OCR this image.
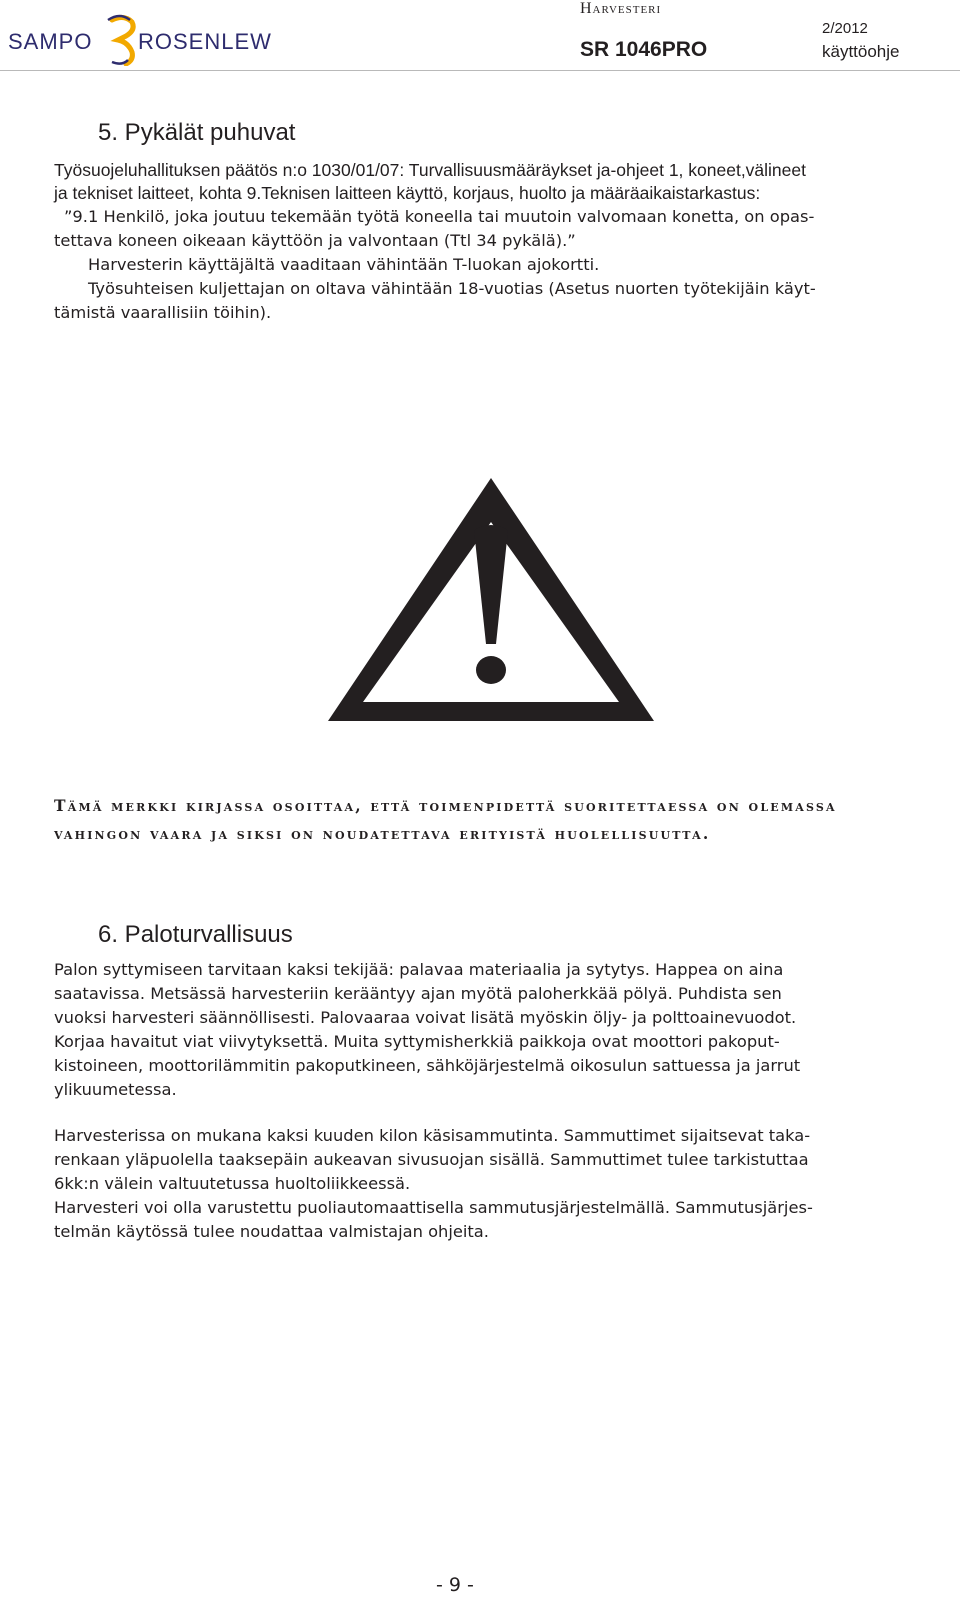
SAMPO ROSENLEW
Harvesteri
SR 1046PRO
2/2012
käyttöohje
5. Pykälät puhuvat
Työsuojeluhallituksen päätös n:o 1030/01/07: Turvallisuusmääräykset ja-ohjeet 1, koneet,välineet
ja tekniset laitteet, kohta 9.Teknisen laitteen käyttö, korjaus, huolto ja määräaikaistarkastus:
”9.1 Henkilö, joka joutuu tekemään työtä koneella tai muutoin valvomaan konetta, on opas-
tettava koneen oikeaan käyttöön ja valvontaan (Ttl 34 pykälä).”
Harvesterin käyttäjältä vaaditaan vähintään T-luokan ajokortti.
Työsuhteisen kuljettajan on oltava vähintään 18-vuotias (Asetus nuorten työtekijäin käyt-
tämistä vaarallisiin töihin).
Tämä merkki kirjassa osoittaa, että toimenpidettä suoritettaessa on olemassa
vahingon vaara ja siksi on noudatettava erityistä huolellisuutta.
6. Paloturvallisuus
Palon syttymiseen tarvitaan kaksi tekijää: palavaa materiaalia ja sytytys. Happea on aina
saatavissa. Metsässä harvesteriin kerääntyy ajan myötä paloherkkää pölyä. Puhdista sen
vuoksi harvesteri säännöllisesti. Palovaaraa voivat lisätä myöskin öljy- ja polttoainevuodot.
Korjaa havaitut viat viivytyksettä. Muita syttymisherkkiä paikkoja ovat moottori pakoput-
kistoineen, moottorilämmitin pakoputkineen, sähköjärjestelmä oikosulun sattuessa ja jarrut
ylikuumetessa.
Harvesterissa on mukana kaksi kuuden kilon käsisammutinta. Sammuttimet sijaitsevat taka-
renkaan yläpuolella taaksepäin aukeavan sivusuojan sisällä. Sammuttimet tulee tarkistuttaa
6kk:n välein valtuutetussa huoltoliikkeessä.
Harvesteri voi olla varustettu puoliautomaattisella sammutusjärjestelmällä. Sammutusjärjes-
telmän käytössä tulee noudattaa valmistajan ohjeita.
- 9 -
